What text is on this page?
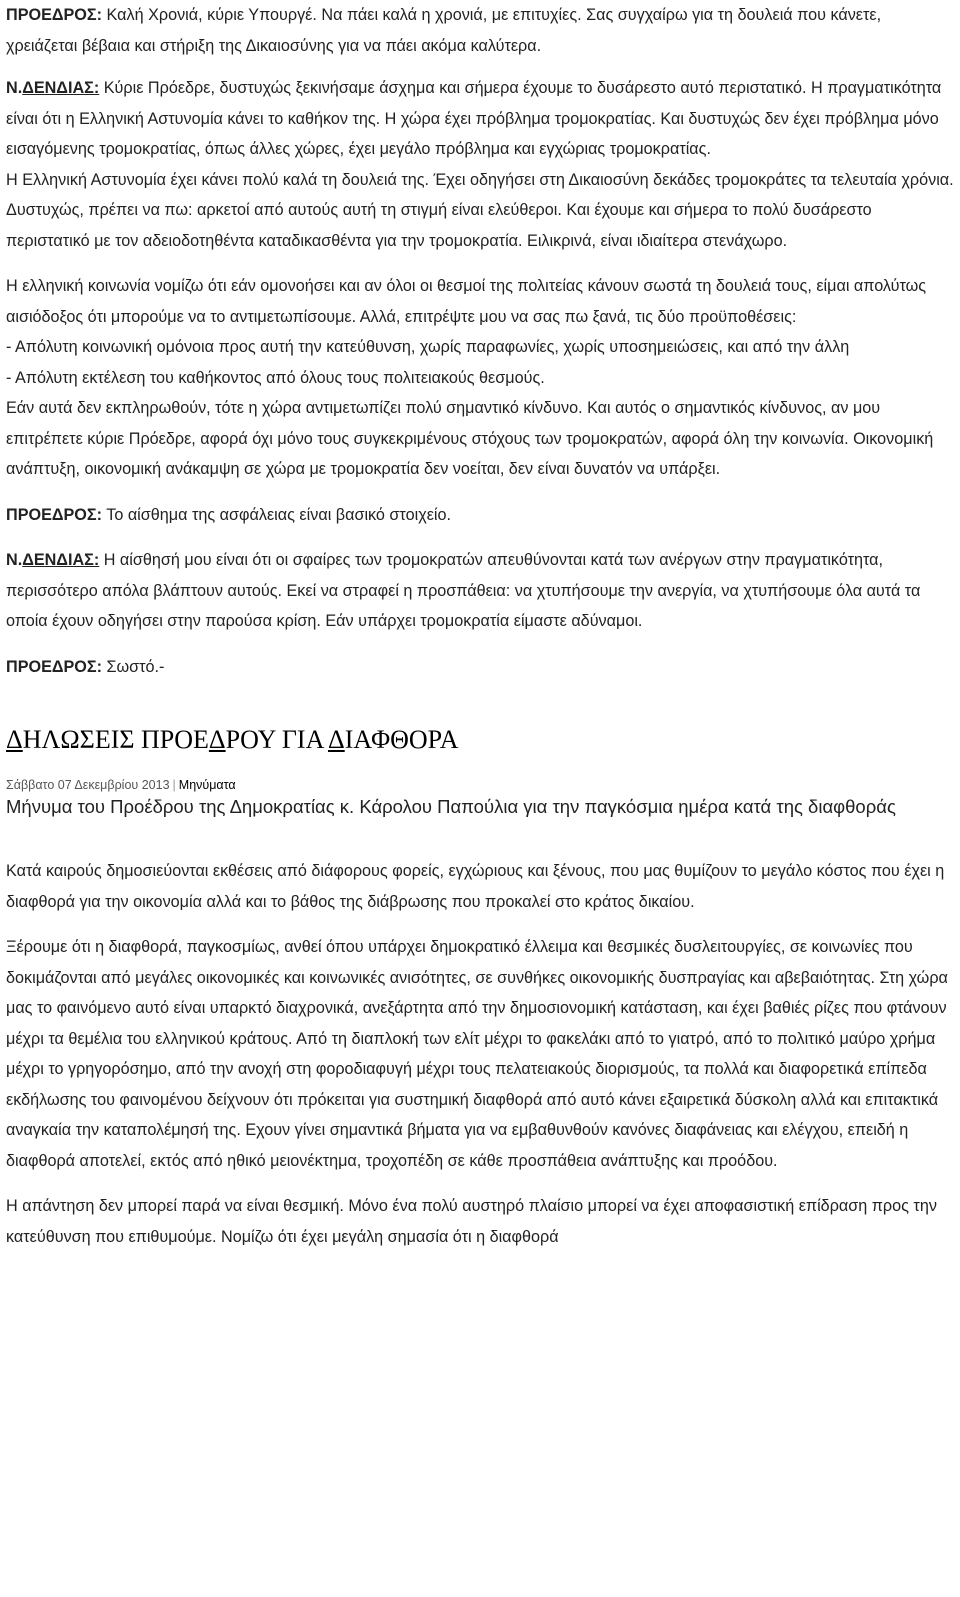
ΠΡΟΕΔΡΟΣ: Καλή Χρονιά, κύριε Υπουργέ. Να πάει καλά η χρονιά, με επιτυχίες. Σας συγχαίρω για τη δουλειά που κάνετε, χρειάζεται βέβαια και στήριξη της Δικαιοσύνης για να πάει ακόμα καλύτερα.

Ν.ΔΕΝΔΙΑΣ: Κύριε Πρόεδρε, δυστυχώς ξεκινήσαμε άσχημα και σήμερα έχουμε το δυσάρεστο αυτό περιστατικό. Η πραγματικότητα είναι ότι η Ελληνική Αστυνομία κάνει το καθήκον της. Η χώρα έχει πρόβλημα τρομοκρατίας. Και δυστυχώς δεν έχει πρόβλημα μόνο εισαγόμενης τρομοκρατίας, όπως άλλες χώρες, έχει μεγάλο πρόβλημα και εγχώριας τρομοκρατίας.
Η Ελληνική Αστυνομία έχει κάνει πολύ καλά τη δουλειά της. Έχει οδηγήσει στη Δικαιοσύνη δεκάδες τρομοκράτες τα τελευταία χρόνια. Δυστυχώς, πρέπει να πω: αρκετοί από αυτούς αυτή τη στιγμή είναι ελεύθεροι. Και έχουμε και σήμερα το πολύ δυσάρεστο περιστατικό με τον αδειοδοτηθέντα καταδικασθέντα για την τρομοκρατία. Ειλικρινά, είναι ιδιαίτερα στενάχωρο.

Η ελληνική κοινωνία νομίζω ότι εάν ομονοήσει και αν όλοι οι θεσμοί της πολιτείας κάνουν σωστά τη δουλειά τους, είμαι απολύτως αισιόδοξος ότι μπορούμε να το αντιμετωπίσουμε. Αλλά, επιτρέψτε μου να σας πω ξανά, τις δύο προϋποθέσεις:
- Απόλυτη κοινωνική ομόνοια προς αυτή την κατεύθυνση, χωρίς παραφωνίες, χωρίς υποσημειώσεις, και από την άλλη
- Απόλυτη εκτέλεση του καθήκοντος από όλους τους πολιτειακούς θεσμούς.
Εάν αυτά δεν εκπληρωθούν, τότε η χώρα αντιμετωπίζει πολύ σημαντικό κίνδυνο. Και αυτός ο σημαντικός κίνδυνος, αν μου επιτρέπετε κύριε Πρόεδρε, αφορά όχι μόνο τους συγκεκριμένους στόχους των τρομοκρατών, αφορά όλη την κοινωνία. Οικονομική ανάπτυξη, οικονομική ανάκαμψη σε χώρα με τρομοκρατία δεν νοείται, δεν είναι δυνατόν να υπάρξει.

ΠΡΟΕΔΡΟΣ: Το αίσθημα της ασφάλειας είναι βασικό στοιχείο.

Ν.ΔΕΝΔΙΑΣ: Η αίσθησή μου είναι ότι οι σφαίρες των τρομοκρατών απευθύνονται κατά των ανέργων στην πραγματικότητα, περισσότερο απόλα βλάπτουν αυτούς. Εκεί να στραφεί η προσπάθεια: να χτυπήσουμε την ανεργία, να χτυπήσουμε όλα αυτά τα οποία έχουν οδηγήσει στην παρούσα κρίση. Εάν υπάρχει τρομοκρατία είμαστε αδύναμοι.

ΠΡΟΕΔΡΟΣ: Σωστό.-

ΔΗΛΩΣΕΙΣ ΠΡΟΕΔΡΟΥ ΓΙΑ ΔΙΑΦΘΟΡΑ
Σάββατο 07 Δεκεμβρίου 2013 | Μηνύματα
Μήνυμα του Προέδρου της Δημοκρατίας κ. Κάρολου Παπούλια για την παγκόσμια ημέρα κατά της διαφθοράς

Κατά καιρούς δημοσιεύονται εκθέσεις από διάφορους φορείς, εγχώριους και ξένους, που μας θυμίζουν το μεγάλο κόστος που έχει η διαφθορά για την οικονομία αλλά και το βάθος της διάβρωσης που προκαλεί στο κράτος δικαίου.

Ξέρουμε ότι η διαφθορά, παγκοσμίως, ανθεί όπου υπάρχει δημοκρατικό έλλειμα και θεσμικές δυσλειτουργίες, σε κοινωνίες που δοκιμάζονται από μεγάλες οικονομικές και κοινωνικές ανισότητες, σε συνθήκες οικονομικής δυσπραγίας και αβεβαιότητας. Στη χώρα μας το φαινόμενο αυτό είναι υπαρκτό διαχρονικά, ανεξάρτητα από την δημοσιονομική κατάσταση, και έχει βαθιές ρίζες που φτάνουν μέχρι τα θεμέλια του ελληνικού κράτους. Από τη διαπλοκή των ελίτ μέχρι το φακελάκι από το γιατρό, από το πολιτικό μαύρο χρήμα μέχρι το γρηγορόσημο, από την ανοχή στη φοροδιαφυγή μέχρι τους πελατειακούς διορισμούς, τα πολλά και διαφορετικά επίπεδα εκδήλωσης του φαινομένου δείχνουν ότι πρόκειται για συστημική διαφθορά από αυτό κάνει εξαιρετικά δύσκολη αλλά και επιτακτικά αναγκαία την καταπολέμησή της. Εχουν γίνει σημαντικά βήματα για να εμβαθυνθούν κανόνες διαφάνειας και ελέγχου, επειδή η διαφθορά αποτελεί, εκτός από ηθικό μειονέκτημα, τροχοπέδη σε κάθε προσπάθεια ανάπτυξης και προόδου.

Η απάντηση δεν μπορεί παρά να είναι θεσμική. Μόνο ένα πολύ αυστηρό πλαίσιο μπορεί να έχει αποφασιστική επίδραση προς την κατεύθυνση που επιθυμούμε. Νομίζω ότι έχει μεγάλη σημασία ότι η διαφθορά
